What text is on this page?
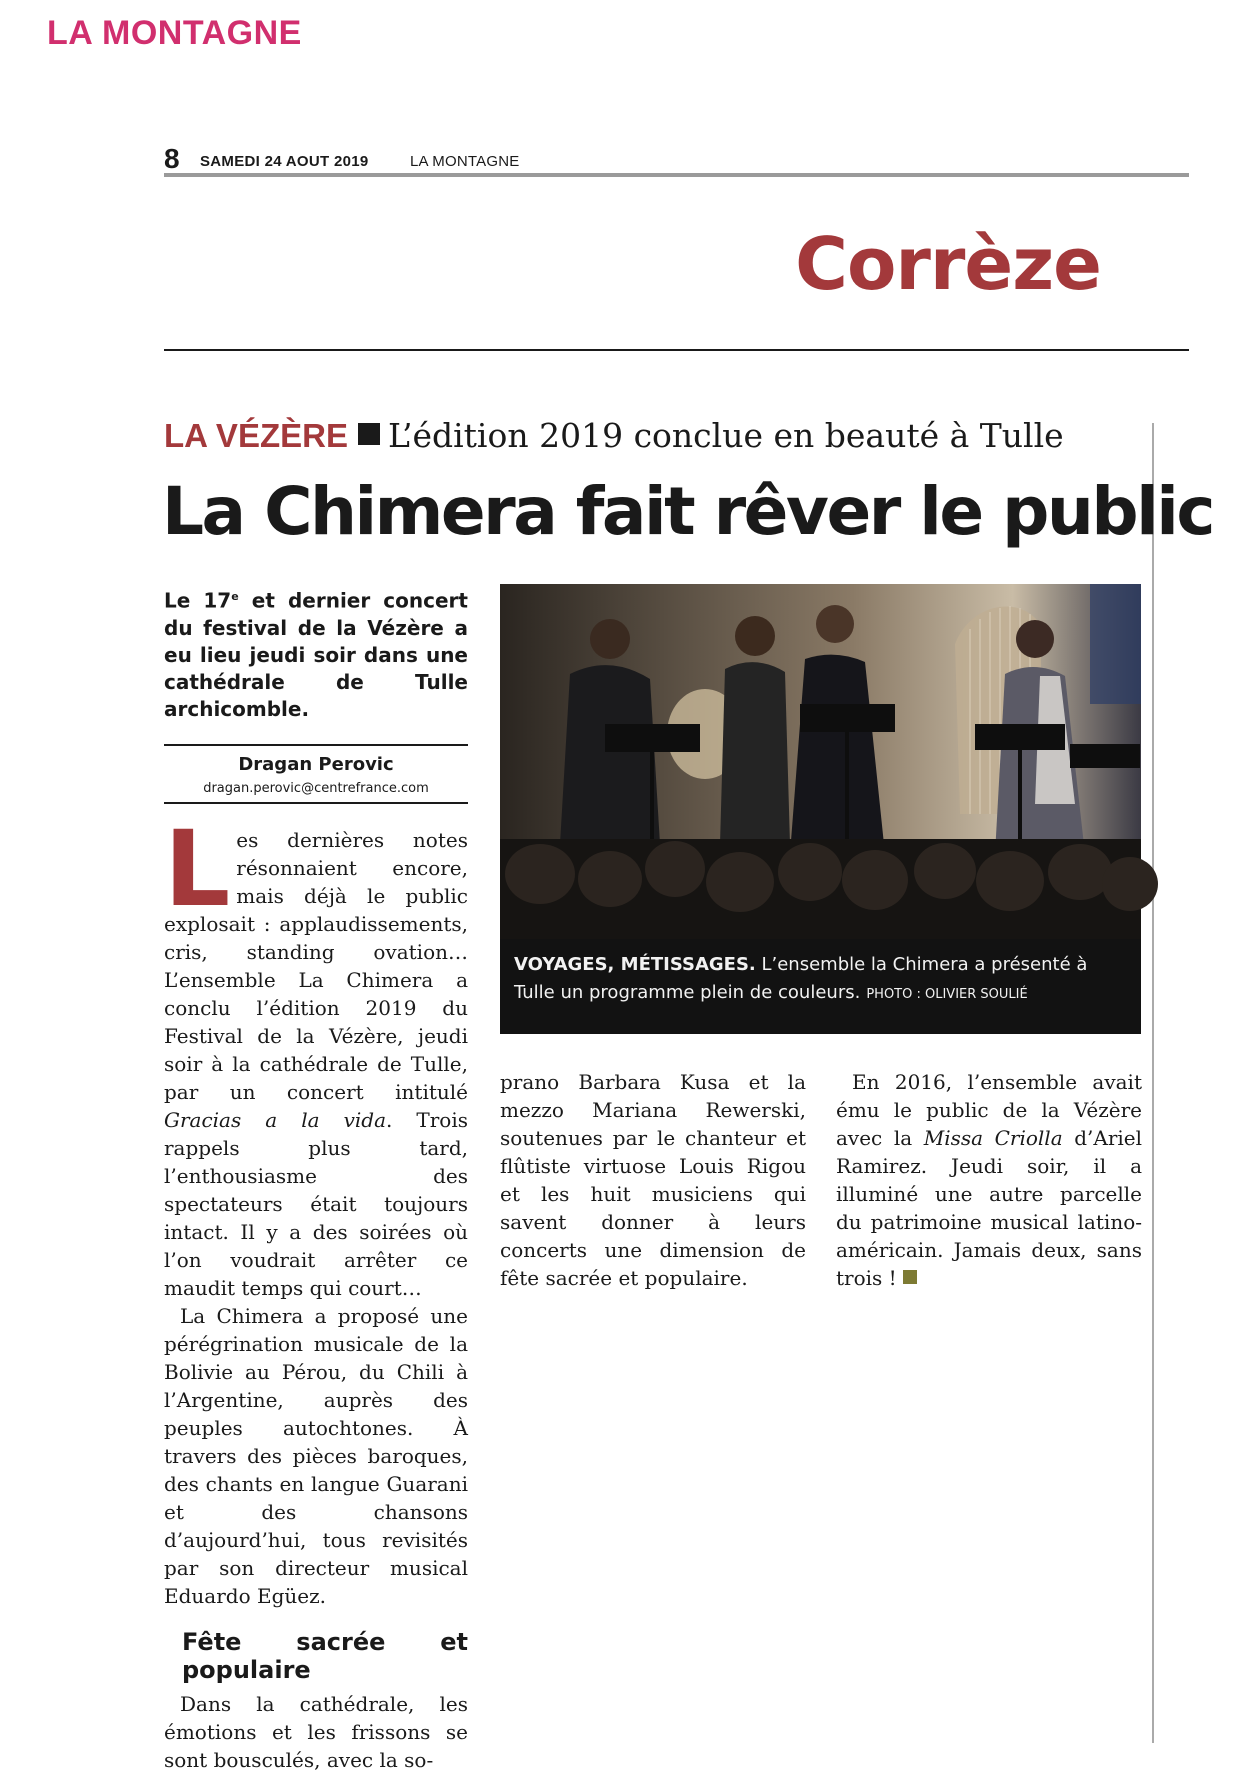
LA MONTAGNE
8 SAMEDI 24 AOUT 2019	LA MONTAGNE
Corrèze
LA VÉZÈRE L’édition 2019 conclue en beauté à Tulle
La Chimera fait rêver le public
Le 17e et dernier concert du festival de la Vézère a eu lieu jeudi soir dans une cathédrale de Tulle archicomble.
Dragan Perovic
dragan.perovic@centrefrance.com

Les dernières notes résonnaient encore, mais déjà le public explosait : applaudissements, cris, standing ovation… L’ensemble La Chimera a conclu l’édition 2019 du Festival de la Vézère, jeudi soir à la cathédrale de Tulle, par un concert intitulé Gracias a la vida. Trois rappels plus tard, l’enthousiasme des spectateurs était toujours intact. Il y a des soirées où l’on voudrait arrêter ce maudit temps qui court…

La Chimera a proposé une pérégrination musicale de la Bolivie au Pérou, du Chili à l’Argentine, auprès des peuples autochtones. À travers des pièces baroques, des chants en langue Guarani et des chansons d’aujourd’hui, tous revisités par son directeur musical Eduardo Egüez.

Fête sacrée et populaire

Dans la cathédrale, les émotions et les frissons se sont bousculés, avec la so-

VOYAGES, MÉTISSAGES. L’ensemble la Chimera a présenté à Tulle un programme plein de couleurs. PHOTO : OLIVIER SOULIÉ

prano Barbara Kusa et la mezzo Mariana Rewerski, soutenues par le chanteur et flûtiste virtuose Louis Rigou et les huit musiciens qui savent donner à leurs concerts une dimension de fête sacrée et populaire.

En 2016, l’ensemble avait ému le public de la Vézère avec la Missa Criolla d’Ariel Ramirez. Jeudi soir, il a illuminé une autre parcelle du patrimoine musical latino-américain. Jamais deux, sans trois !
